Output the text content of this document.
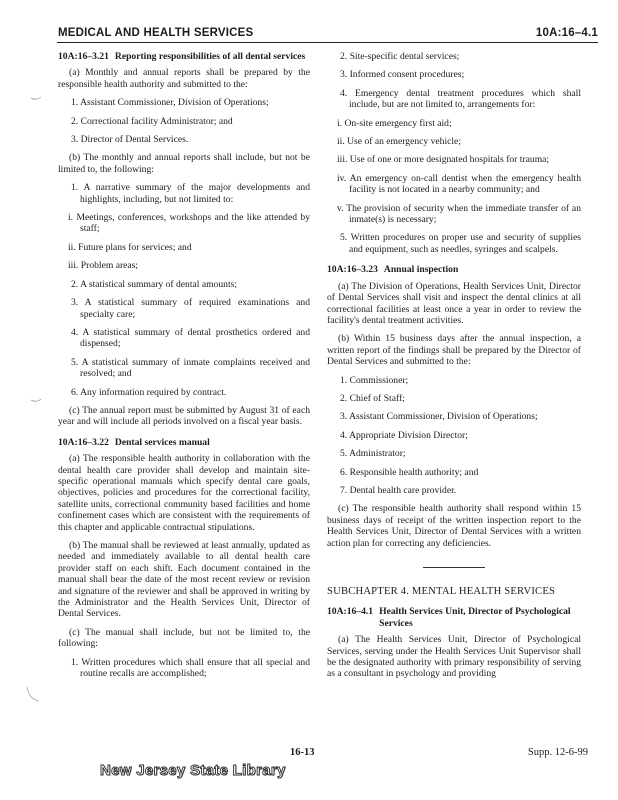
MEDICAL AND HEALTH SERVICES	10A:16–4.1
10A:16–3.21 Reporting responsibilities of all dental services

(a) Monthly and annual reports shall be prepared by the responsible health authority and submitted to the:

1. Assistant Commissioner, Division of Operations;

2. Correctional facility Administrator; and

3. Director of Dental Services.

(b) The monthly and annual reports shall include, but not be limited to, the following:

1. A narrative summary of the major developments and highlights, including, but not limited to:

i. Meetings, conferences, workshops and the like attended by staff;

ii. Future plans for services; and

iii. Problem areas;

2. A statistical summary of dental amounts;

3. A statistical summary of required examinations and specialty care;

4. A statistical summary of dental prosthetics ordered and dispensed;

5. A statistical summary of inmate complaints received and resolved; and

6. Any information required by contract.

(c) The annual report must be submitted by August 31 of each year and will include all periods involved on a fiscal year basis.

10A:16–3.22 Dental services manual

(a) The responsible health authority in collaboration with the dental health care provider shall develop and maintain site-specific operational manuals which specify dental care goals, objectives, policies and procedures for the correctional facility, satellite units, correctional community based facilities and home confinement cases which are consistent with the requirements of this chapter and applicable contractual stipulations.

(b) The manual shall be reviewed at least annually, updated as needed and immediately available to all dental health care provider staff on each shift. Each document contained in the manual shall bear the date of the most recent review or revision and signature of the reviewer and shall be approved in writing by the Administrator and the Health Services Unit, Director of Dental Services.

(c) The manual shall include, but not be limited to, the following:

1. Written procedures which shall ensure that all special and routine recalls are accomplished;

2. Site-specific dental services;

3. Informed consent procedures;

4. Emergency dental treatment procedures which shall include, but are not limited to, arrangements for:

i. On-site emergency first aid;

ii. Use of an emergency vehicle;

iii. Use of one or more designated hospitals for trauma;

iv. An emergency on-call dentist when the emergency health facility is not located in a nearby community; and

v. The provision of security when the immediate transfer of an inmate(s) is necessary;

5. Written procedures on proper use and security of supplies and equipment, such as needles, syringes and scalpels.

10A:16–3.23 Annual inspection

(a) The Division of Operations, Health Services Unit, Director of Dental Services shall visit and inspect the dental clinics at all correctional facilities at least once a year in order to review the facility's dental treatment activities.

(b) Within 15 business days after the annual inspection, a written report of the findings shall be prepared by the Director of Dental Services and submitted to the:

1. Commissioner;

2. Chief of Staff;

3. Assistant Commissioner, Division of Operations;

4. Appropriate Division Director;

5. Administrator;

6. Responsible health authority; and

7. Dental health care provider.

(c) The responsible health authority shall respond within 15 business days of receipt of the written inspection report to the Health Services Unit, Director of Dental Services with a written action plan for correcting any deficiencies.

SUBCHAPTER 4. MENTAL HEALTH SERVICES

10A:16–4.1 Health Services Unit, Director of Psychological Services

(a) The Health Services Unit, Director of Psychological Services, serving under the Health Services Unit Supervisor shall be the designated authority with primary responsibility of serving as a consultant in psychology and providing

16-13	Supp. 12-6-99
New Jersey State Library
